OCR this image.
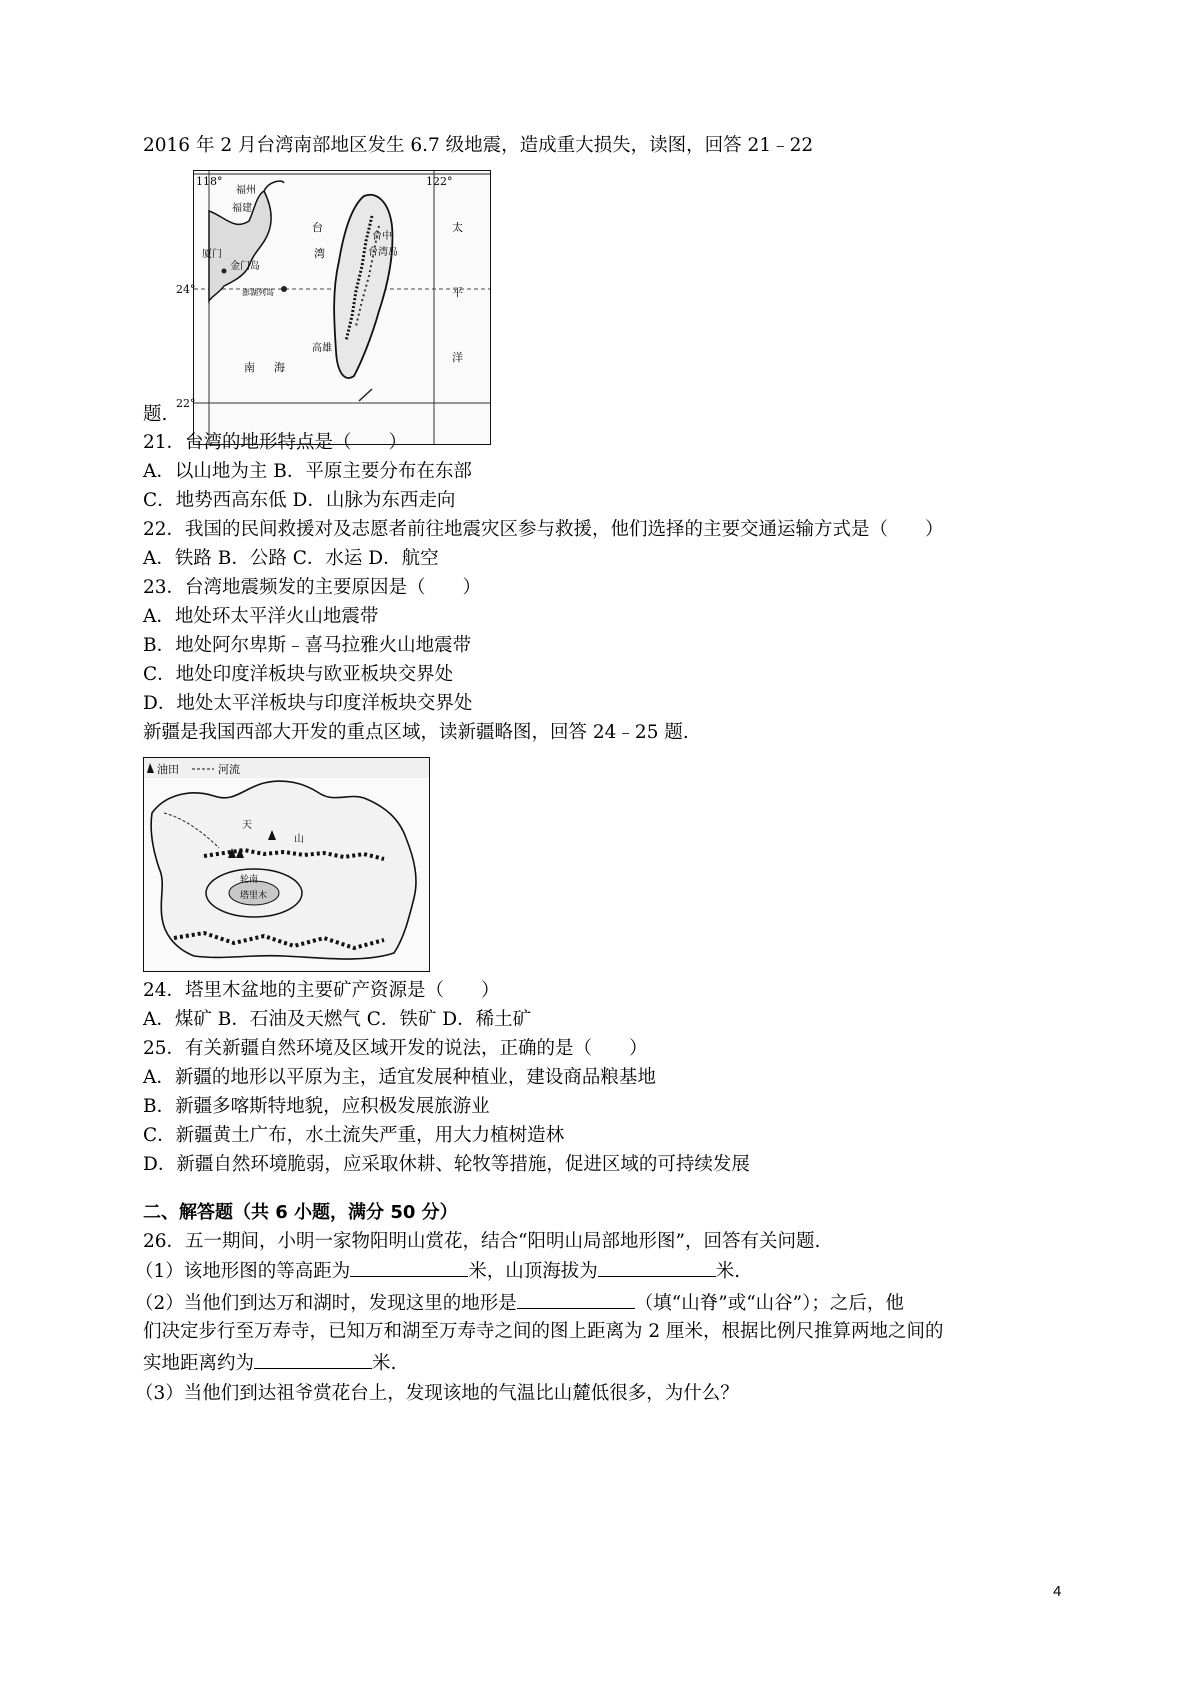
2016 年 2 月台湾南部地区发生 6.7 级地震，造成重大损失，读图，回答 21﹣22
118°	122°
24°
22°
福州
福建
厦门
金门岛
台
湾
台中
台湾岛
高雄
太
平
洋
南 海
澎湖列岛
题.
21．台湾的地形特点是（　　）
A．以山地为主 B．平原主要分布在东部
C．地势西高东低 D．山脉为东西走向
22．我国的民间救援对及志愿者前往地震灾区参与救援，他们选择的主要交通运输方式是（　　）
A．铁路 B．公路 C．水运 D．航空
23．台湾地震频发的主要原因是（　　）
A．地处环太平洋火山地震带
B．地处阿尔卑斯﹣喜马拉雅火山地震带
C．地处印度洋板块与欧亚板块交界处
D．地处太平洋板块与印度洋板块交界处
新疆是我国西部大开发的重点区域，读新疆略图，回答 24﹣25 题.
油田	河流
天
山
轮南
塔里木
24．塔里木盆地的主要矿产资源是（　　）
A．煤矿 B．石油及天燃气 C．铁矿 D．稀土矿
25．有关新疆自然环境及区域开发的说法，正确的是（　　）
A．新疆的地形以平原为主，适宜发展种植业，建设商品粮基地
B．新疆多喀斯特地貌，应积极发展旅游业
C．新疆黄土广布，水土流失严重，用大力植树造林
D．新疆自然环境脆弱，应采取休耕、轮牧等措施，促进区域的可持续发展
二、解答题（共 6 小题，满分 50 分）
26．五一期间，小明一家物阳明山赏花，结合“阳明山局部地形图”，回答有关问题.
（1）该地形图的等高距为	米，山顶海拔为	米.
（2）当他们到达万和湖时，发现这里的地形是	（填“山脊”或“山谷”）；之后，他
们决定步行至万寿寺，已知万和湖至万寿寺之间的图上距离为 2 厘米，根据比例尺推算两地之间的
实地距离约为	米.
（3）当他们到达祖爷赏花台上，发现该地的气温比山麓低很多，为什么？
4
